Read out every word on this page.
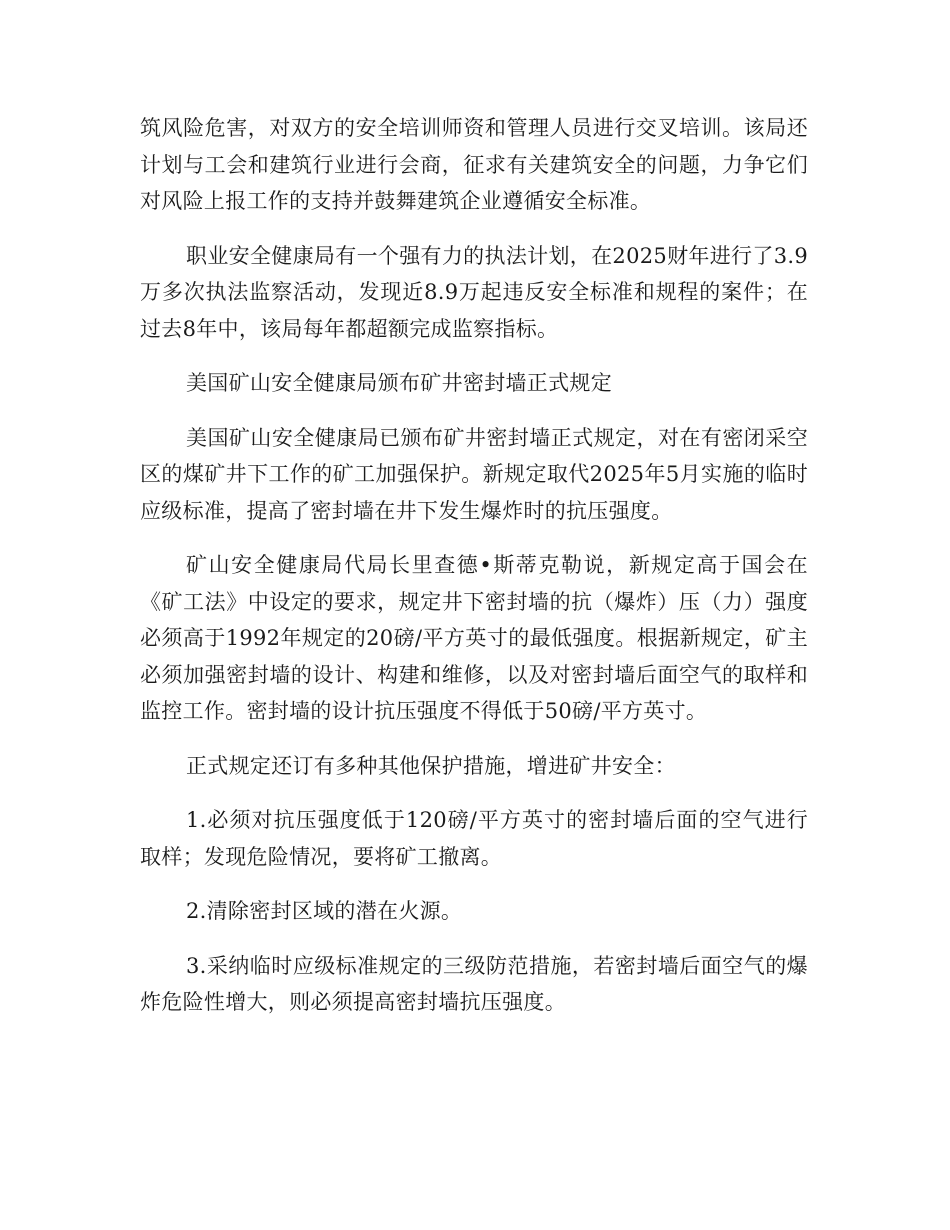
筑风险危害，对双方的安全培训师资和管理人员进行交叉培训。该局还计划与工会和建筑行业进行会商，征求有关建筑安全的问题，力争它们对风险上报工作的支持并鼓舞建筑企业遵循安全标准。

职业安全健康局有一个强有力的执法计划，在2025财年进行了3.9万多次执法监察活动，发现近8.9万起违反安全标准和规程的案件；在过去8年中，该局每年都超额完成监察指标。

美国矿山安全健康局颁布矿井密封墙正式规定

美国矿山安全健康局已颁布矿井密封墙正式规定，对在有密闭采空区的煤矿井下工作的矿工加强保护。新规定取代2025年5月实施的临时应级标准，提高了密封墙在井下发生爆炸时的抗压强度。

矿山安全健康局代局长里查德•斯蒂克勒说，新规定高于国会在《矿工法》中设定的要求，规定井下密封墙的抗（爆炸）压（力）强度必须高于1992年规定的20磅/平方英寸的最低强度。根据新规定，矿主必须加强密封墙的设计、构建和维修，以及对密封墙后面空气的取样和监控工作。密封墙的设计抗压强度不得低于50磅/平方英寸。

正式规定还订有多种其他保护措施，增进矿井安全：

1.必须对抗压强度低于120磅/平方英寸的密封墙后面的空气进行取样；发现危险情况，要将矿工撤离。

2.清除密封区域的潜在火源。

3.采纳临时应级标准规定的三级防范措施，若密封墙后面空气的爆炸危险性增大，则必须提高密封墙抗压强度。
